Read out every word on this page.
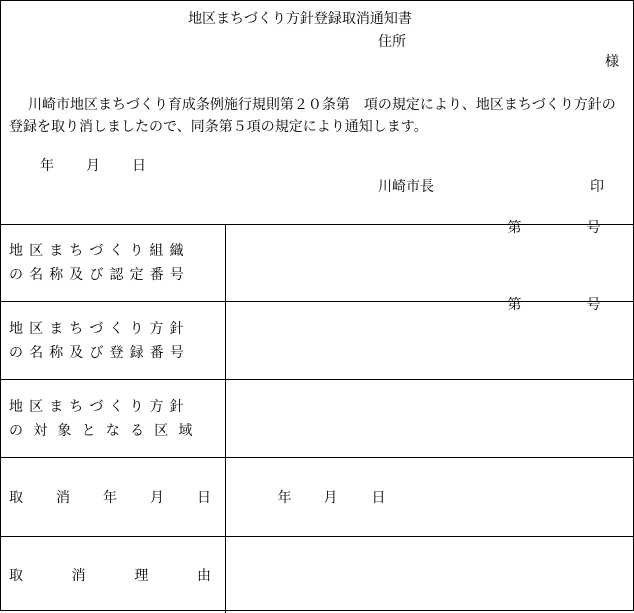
地区まちづくり方針登録取消通知書
住所
様
川崎市地区まちづくり育成条例施行規則第２０条第　項の規定により、地区まちづくり方針の登録を取り消しましたので、同条第５項の規定により通知します。
年 月 日
川崎市長	印
地区まちづくり組織
の名称及び認定番号	第 号

地区まちづくり方針
の名称及び登録番号	第 号

地区まちづくり方針
の対象となる区域	

取 消 年 月 日	年 月 日

取 消 理 由	
